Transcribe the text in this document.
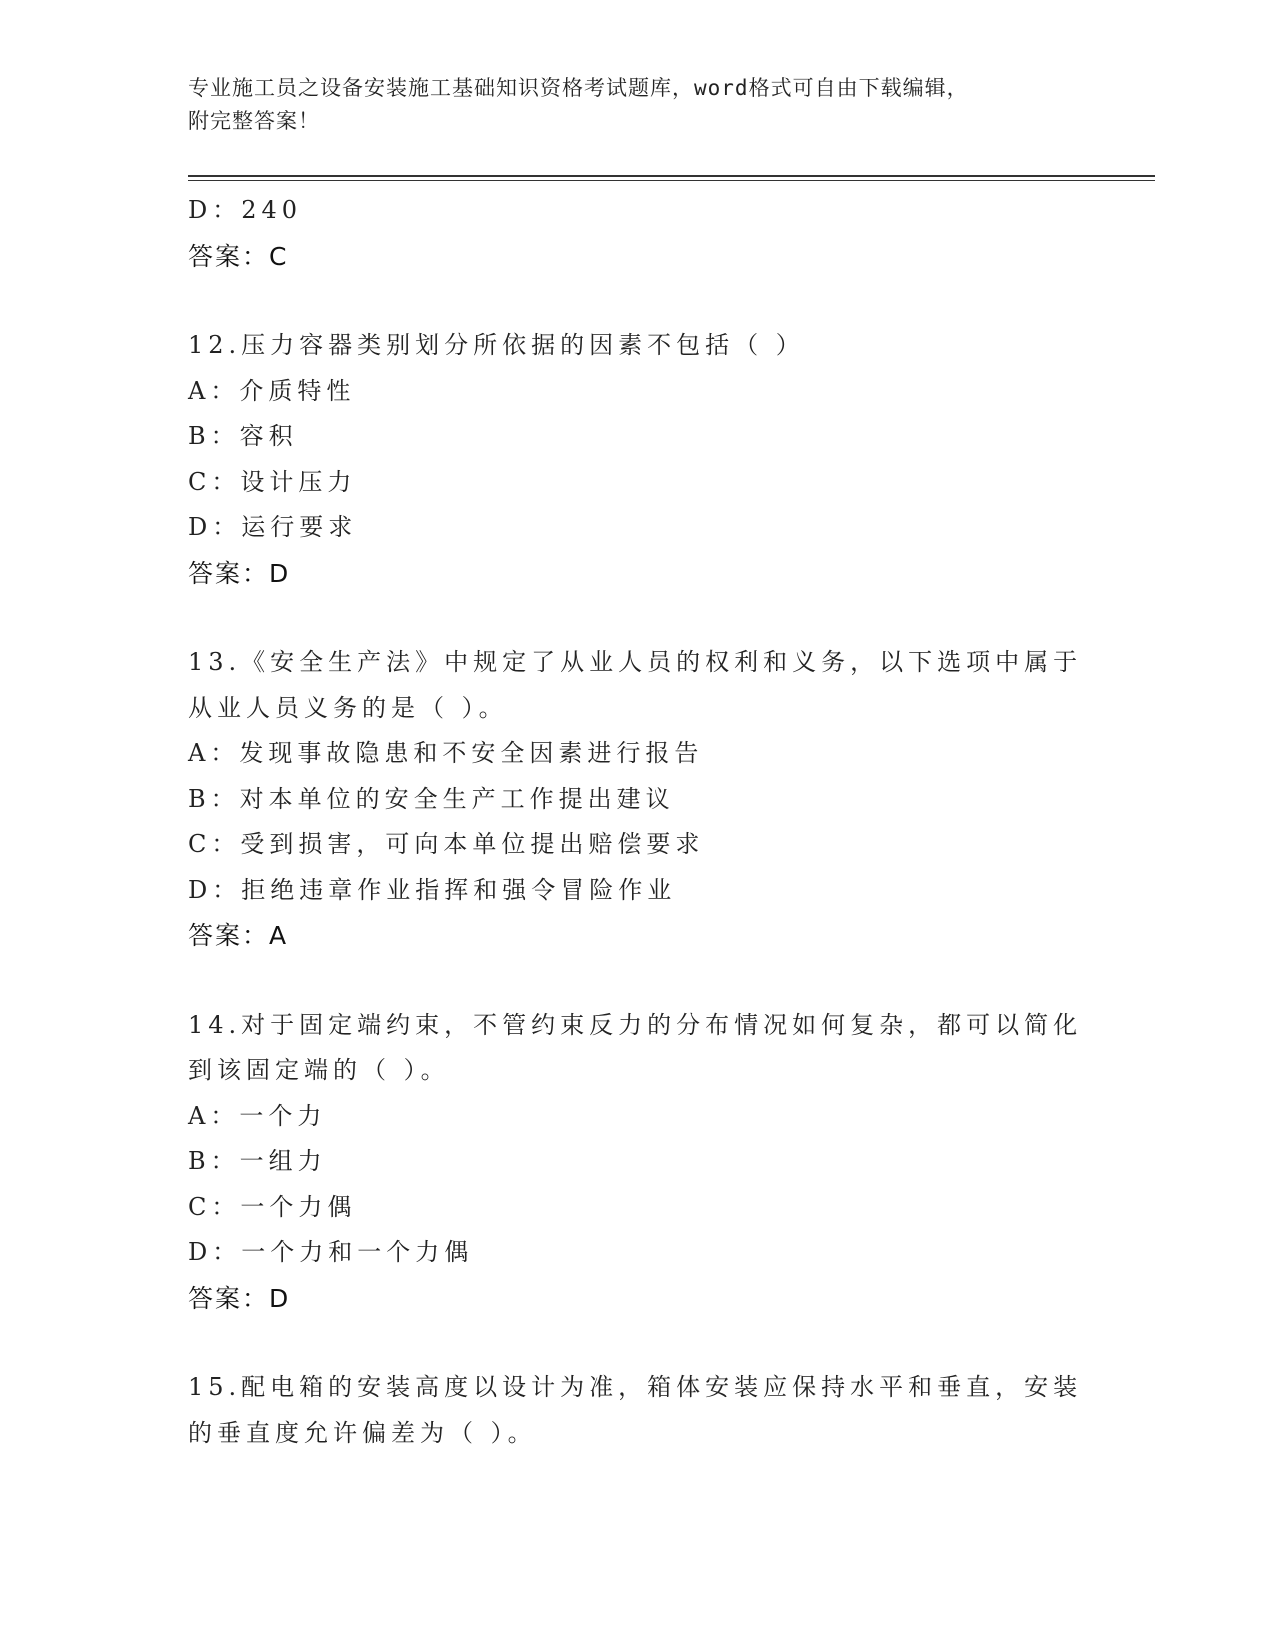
专业施工员之设备安装施工基础知识资格考试题库，word格式可自由下载编辑，
附完整答案！
D：240
答案：C
12.压力容器类别划分所依据的因素不包括（ ）
A：介质特性
B：容积
C：设计压力
D：运行要求
答案：D
13.《安全生产法》中规定了从业人员的权利和义务，以下选项中属于
从业人员义务的是（ ）。
A：发现事故隐患和不安全因素进行报告
B：对本单位的安全生产工作提出建议
C：受到损害，可向本单位提出赔偿要求
D：拒绝违章作业指挥和强令冒险作业
答案：A
14.对于固定端约束，不管约束反力的分布情况如何复杂，都可以简化
到该固定端的（ ）。
A：一个力
B：一组力
C：一个力偶
D：一个力和一个力偶
答案：D
15.配电箱的安装高度以设计为准，箱体安装应保持水平和垂直，安装
的垂直度允许偏差为（ ）。
